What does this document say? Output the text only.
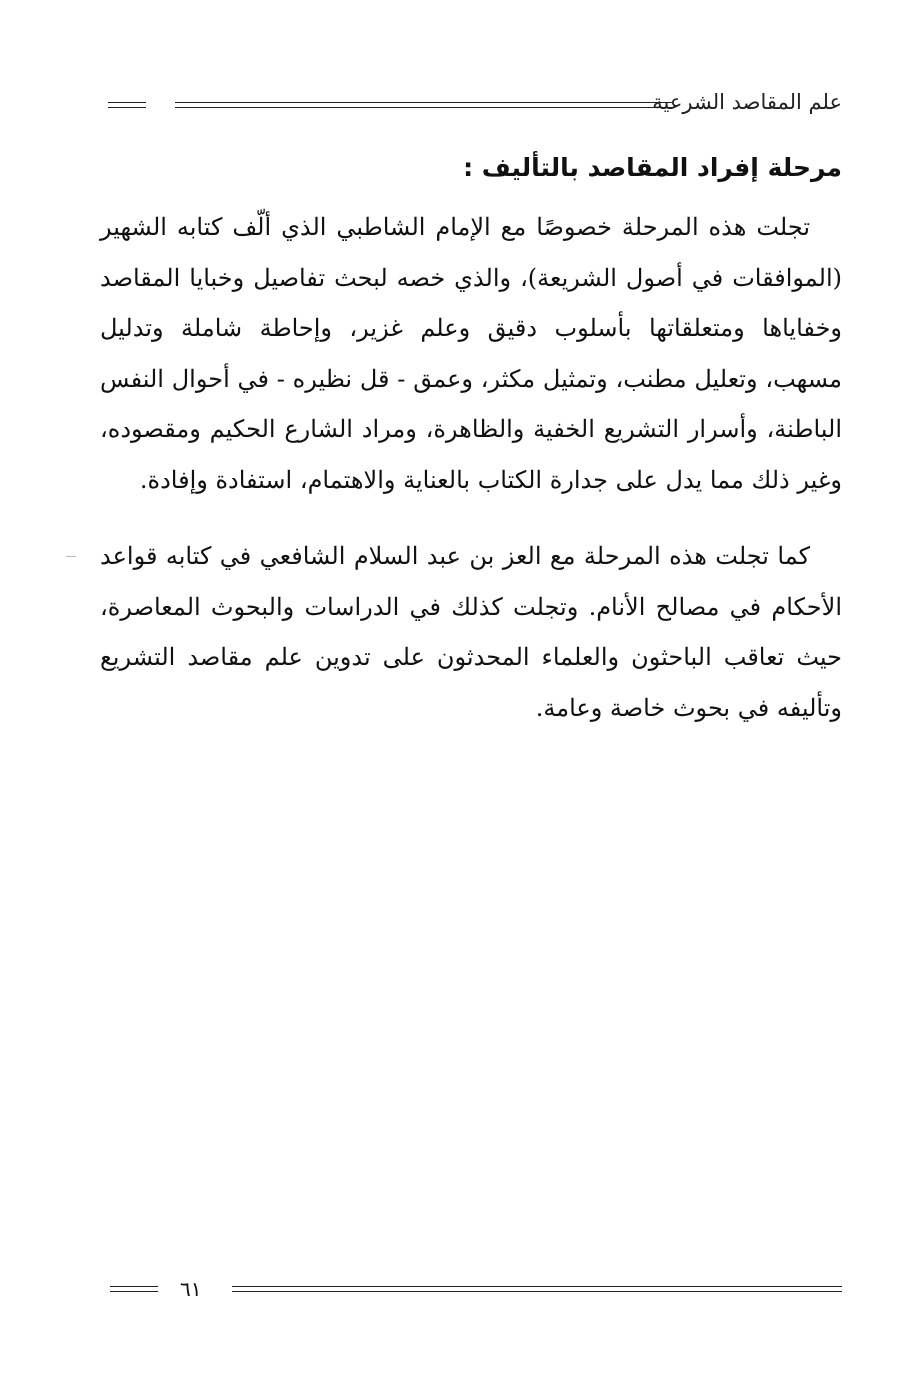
علم المقاصد الشرعية
مرحلة إفراد المقاصد بالتأليف :

تجلت هذه المرحلة خصوصًا مع الإمام الشاطبي الذي ألّف كتابه الشهير (الموافقات في أصول الشريعة)، والذي خصه لبحث تفاصيل وخبايا المقاصد وخفاياها ومتعلقاتها بأسلوب دقيق وعلم غزير، وإحاطة شاملة وتدليل مسهب، وتعليل مطنب، وتمثيل مكثر، وعمق - قل نظيره - في أحوال النفس الباطنة، وأسرار التشريع الخفية والظاهرة، ومراد الشارع الحكيم ومقصوده، وغير ذلك مما يدل على جدارة الكتاب بالعناية والاهتمام، استفادة وإفادة.

كما تجلت هذه المرحلة مع العز بن عبد السلام الشافعي في كتابه قواعد الأحكام في مصالح الأنام. وتجلت كذلك في الدراسات والبحوث المعاصرة، حيث تعاقب الباحثون والعلماء المحدثون على تدوين علم مقاصد التشريع وتأليفه في بحوث خاصة وعامة.

٦١
